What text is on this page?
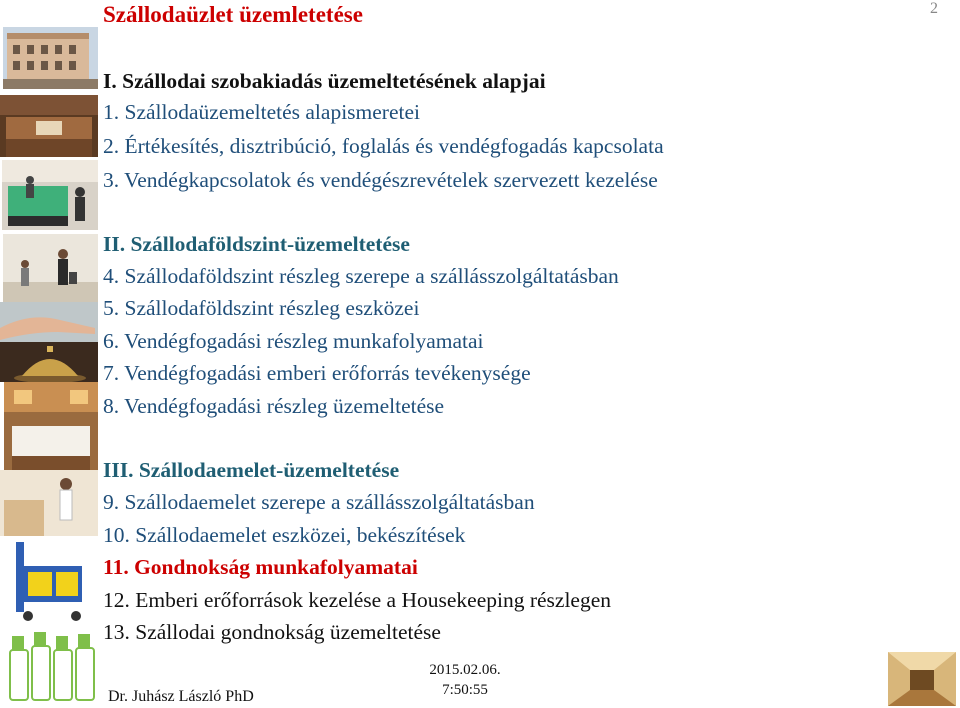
Szállodaüzlet üzemletetése	2
I. Szállodai szobakiadás üzemeltetésének alapjai
1. Szállodaüzemeltetés alapismeretei
2. Értékesítés, disztribúció, foglalás és vendégfogadás kapcsolata
3. Vendégkapcsolatok és vendégészrevételek szervezett kezelése
II. Szállodaföldszint-üzemeltetése
4. Szállodaföldszint részleg szerepe a szállásszolgáltatásban
5. Szállodaföldszint részleg eszközei
6. Vendégfogadási részleg munkafolyamatai
7. Vendégfogadási emberi erőforrás tevékenysége
8. Vendégfogadási részleg üzemeltetése
III. Szállodaemelet-üzemeltetése
9. Szállodaemelet szerepe a szállásszolgáltatásban
10. Szállodaemelet eszközei, bekészítések
11. Gondnokság munkafolyamatai
12. Emberi erőforrások kezelése a Housekeeping részlegen
13. Szállodai gondnokság üzemeltetése
Dr. Juhász László PhD
2015.02.06.
7:50:55
